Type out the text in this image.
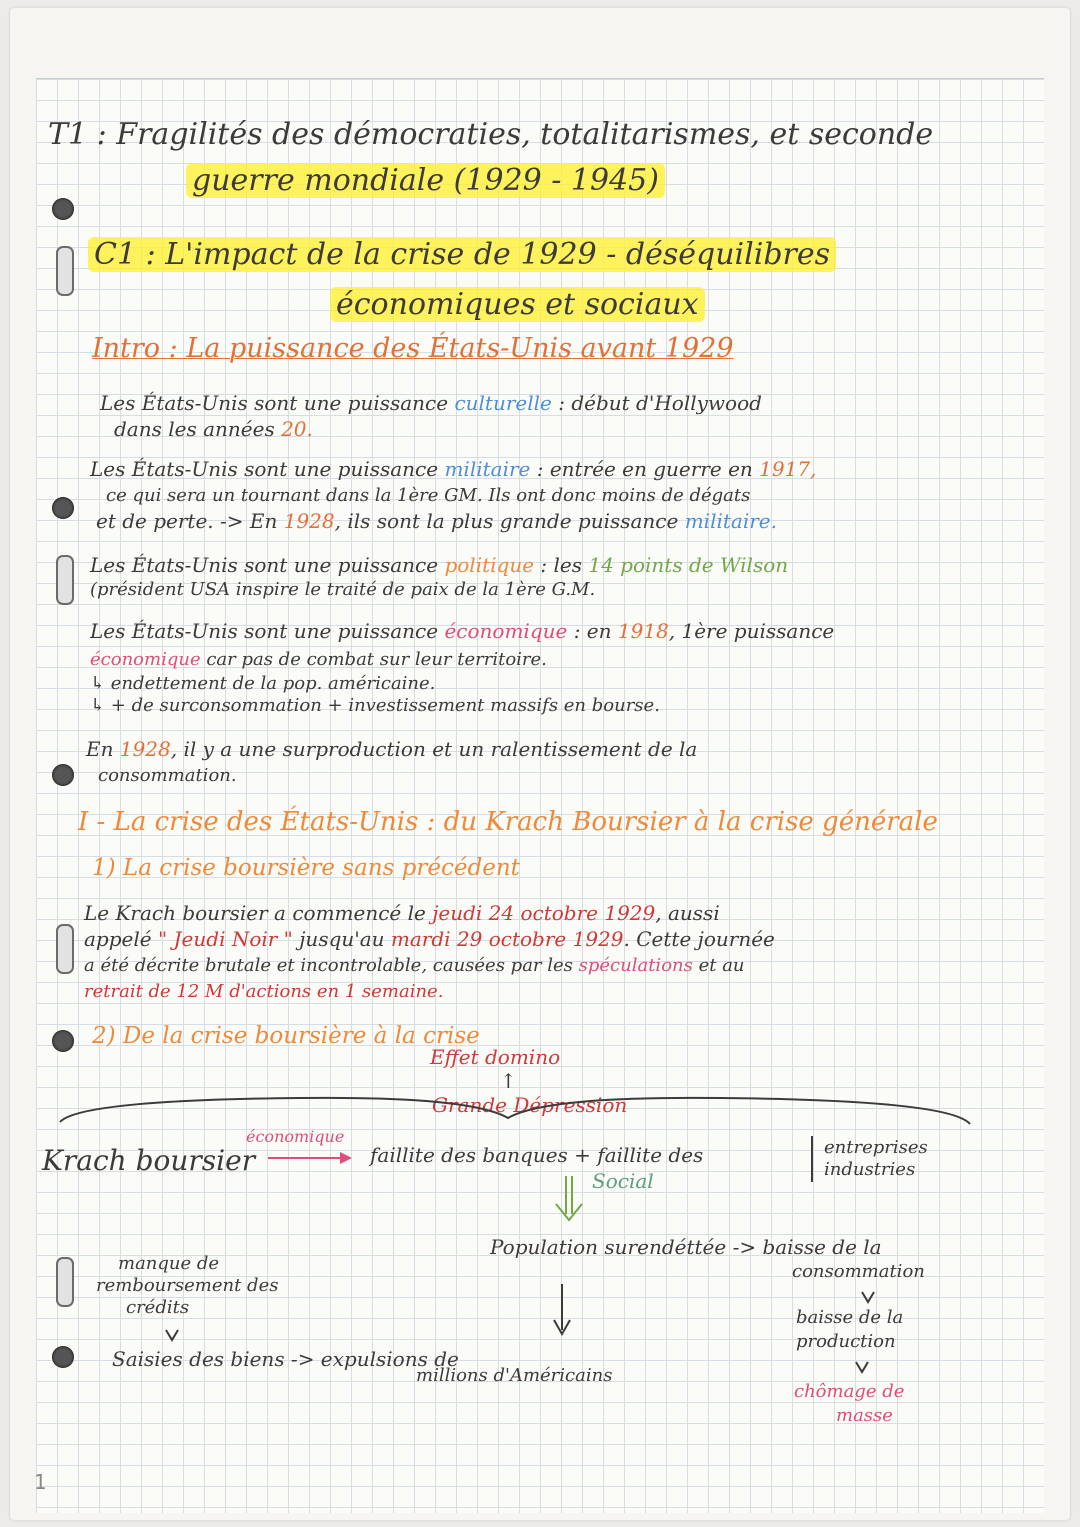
T1 : Fragilités des démocraties, totalitarismes, et seconde
guerre mondiale (1929 - 1945)
C1 : L'impact de la crise de 1929 - déséquilibres
économiques et sociaux
Intro : La puissance des États-Unis avant 1929
Les États-Unis sont une puissance culturelle : début d'Hollywood
dans les années 20.
Les États-Unis sont une puissance militaire : entrée en guerre en 1917,
ce qui sera un tournant dans la 1ère GM. Ils ont donc moins de dégats
et de perte. -> En 1928, ils sont la plus grande puissance militaire.
Les États-Unis sont une puissance politique : les 14 points de Wilson
(président USA inspire le traité de paix de la 1ère G.M.
Les États-Unis sont une puissance économique : en 1918, 1ère puissance
économique car pas de combat sur leur territoire.
↳ endettement de la pop. américaine.
↳ + de surconsommation + investissement massifs en bourse.
En 1928, il y a une surproduction et un ralentissement de la
consommation.
I - La crise des États-Unis : du Krach Boursier à la crise générale
1) La crise boursière sans précédent
Le Krach boursier a commencé le jeudi 24 octobre 1929, aussi
appelé " Jeudi Noir " jusqu'au mardi 29 octobre 1929. Cette journée
a été décrite brutale et incontrolable, causées par les spéculations et au
retrait de 12 M d'actions en 1 semaine.
2) De la crise boursière à la crise
Effet domino
↑
Grande Dépression
économique
Krach boursier	faillite des banques + faillite des	entreprises
industries
Social
Population surendéttée -> baisse de la
consommation
baisse de la
production
chômage de
masse
manque de
remboursement des
crédits
Saisies des biens -> expulsions de
millions d'Américains
1
